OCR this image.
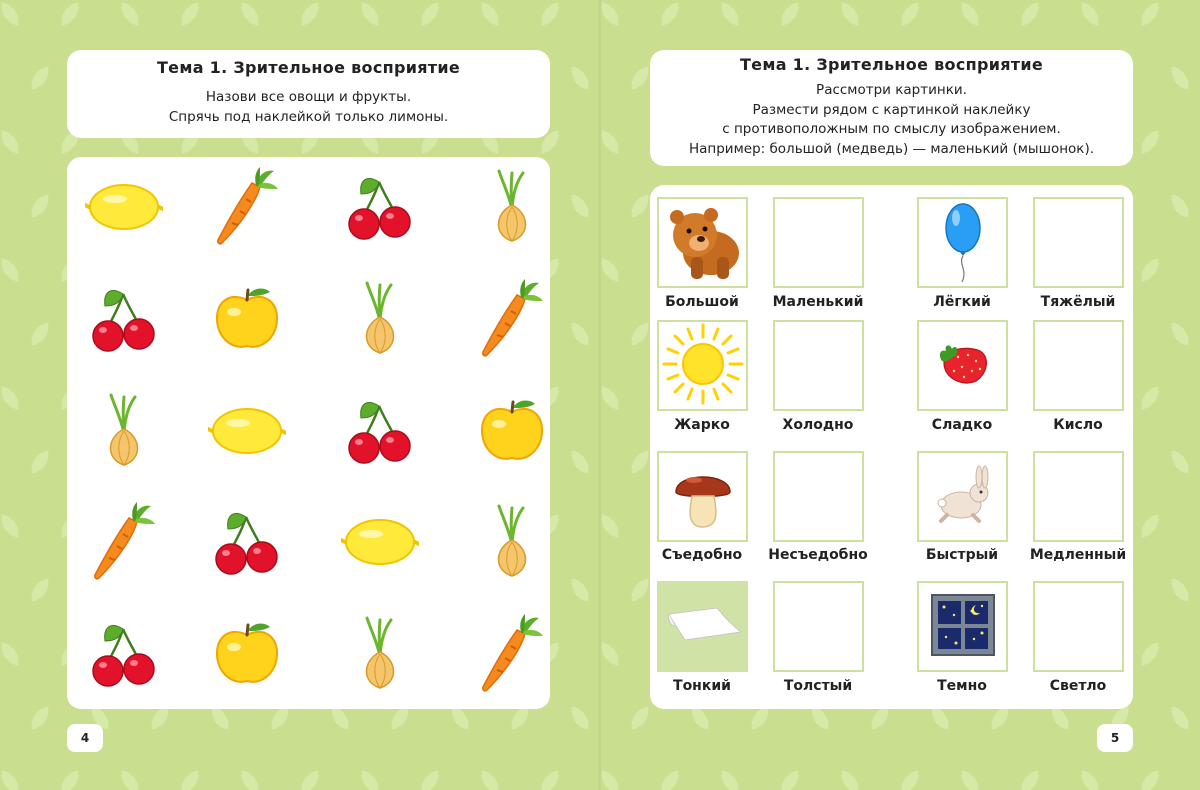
Тема 1. Зрительное восприятие
Назови все овощи и фрукты.
Спрячь под наклейкой только лимоны.
4
Тема 1. Зрительное восприятие
Рассмотри картинки.
Размести рядом с картинкой наклейку
с противоположным по смыслу изображением.
Например: большой (медведь) — маленький (мышонок).
Большой	Маленький	Лёгкий	Тяжёлый
Жарко	Холодно	Сладко	Кисло
Съедобно	Несъедобно	Быстрый	Медленный
Тонкий	Толстый	Темно	Светло
5
